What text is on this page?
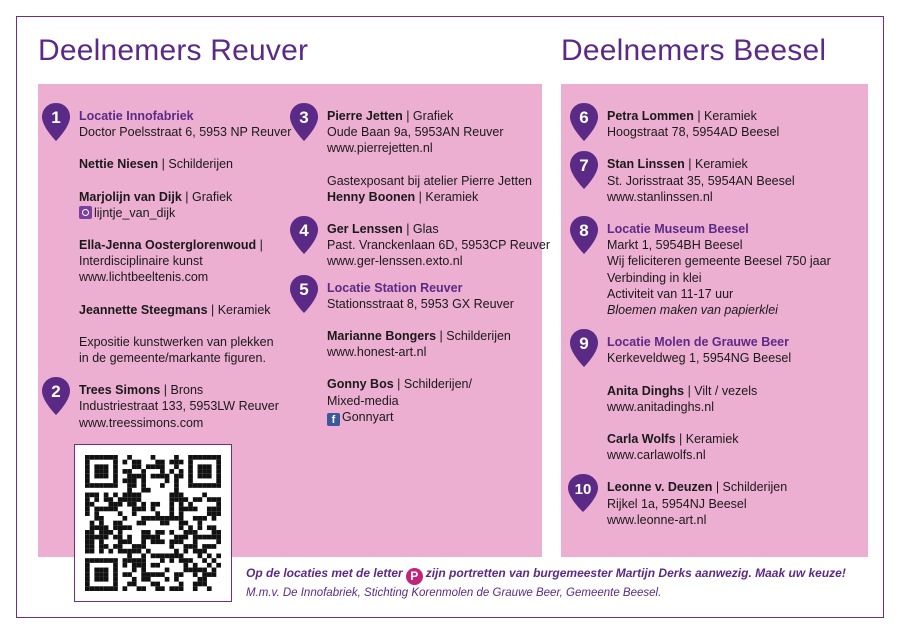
Deelnemers Reuver	Deelnemers Beesel
1 Locatie Innofabriek
Doctor Poelsstraat 6, 5953 NP Reuver
Nettie Niesen | Schilderijen
Marjolijn van Dijk | Grafiek
lijntje_van_dijk
Ella-Jenna Oosterglorenwoud |
Interdisciplinaire kunst
www.lichtbeeltenis.com
Jeannette Steegmans | Keramiek
Expositie kunstwerken van plekken
in de gemeente/markante figuren.
2 Trees Simons | Brons
Industriestraat 133, 5953LW Reuver
www.treessimons.com
3 Pierre Jetten | Grafiek
Oude Baan 9a, 5953AN Reuver
www.pierrejetten.nl
Gastexposant bij atelier Pierre Jetten
Henny Boonen | Keramiek
4 Ger Lenssen | Glas
Past. Vranckenlaan 6D, 5953CP Reuver
www.ger-lenssen.exto.nl
5 Locatie Station Reuver
Stationsstraat 8, 5953 GX Reuver
Marianne Bongers | Schilderijen
www.honest-art.nl
Gonny Bos | Schilderijen/
Mixed-media
f Gonnyart
6 Petra Lommen | Keramiek
Hoogstraat 78, 5954AD Beesel
7 Stan Linssen | Keramiek
St. Jorisstraat 35, 5954AN Beesel
www.stanlinssen.nl
8 Locatie Museum Beesel
Markt 1, 5954BH Beesel
Wij feliciteren gemeente Beesel 750 jaar
Verbinding in klei
Activiteit van 11-17 uur
Bloemen maken van papierklei
9 Locatie Molen de Grauwe Beer
Kerkeveldweg 1, 5954NG Beesel
Anita Dinghs | Vilt / vezels
www.anitadinghs.nl
Carla Wolfs | Keramiek
www.carlawolfs.nl
10 Leonne v. Deuzen | Schilderijen
Rijkel 1a, 5954NJ Beesel
www.leonne-art.nl
Op de locaties met de letter P zijn portretten van burgemeester Martijn Derks aanwezig. Maak uw keuze!
M.m.v. De Innofabriek, Stichting Korenmolen de Grauwe Beer, Gemeente Beesel.
